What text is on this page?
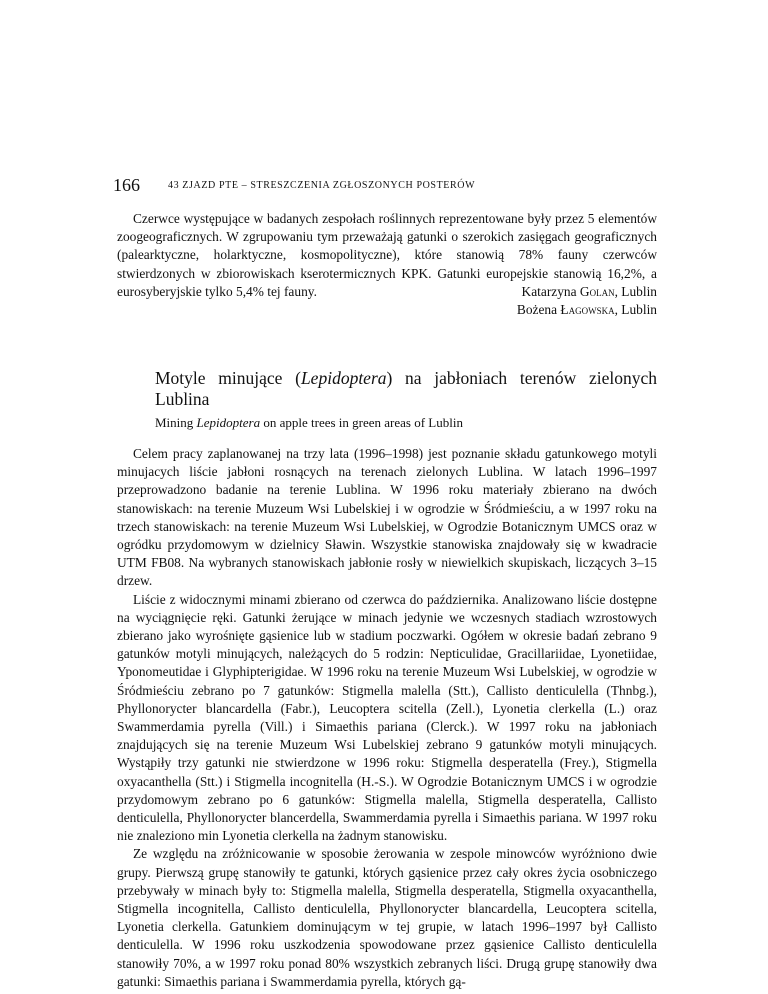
166	43 ZJAZD PTE – STRESZCZENIA ZGŁOSZONYCH POSTERÓW

Czerwce występujące w badanych zespołach roślinnych reprezentowane były przez 5 elementów zoogeograficznych. W zgrupowaniu tym przeważają gatunki o szerokich zasięgach geograficznych (palearktyczne, holarktyczne, kosmopolityczne), które stanowią 78% fauny czerwców stwierdzonych w zbiorowiskach kserotermicznych KPK. Gatunki europejskie stanowią 16,2%, a eurosyberyjskie tylko 5,4% tej fauny.	Katarzyna Golan, Lublin
Bożena Łagowska, Lublin
Motyle minujące (Lepidoptera) na jabłoniach terenów zielonych Lublina
Mining Lepidoptera on apple trees in green areas of Lublin

Celem pracy zaplanowanej na trzy lata (1996–1998) jest poznanie składu gatunkowego motyli minujacych liście jabłoni rosnących na terenach zielonych Lublina. W latach 1996–1997 przeprowadzono badanie na terenie Lublina. W 1996 roku materiały zbierano na dwóch stanowiskach: na terenie Muzeum Wsi Lubelskiej i w ogrodzie w Śródmieściu, a w 1997 roku na trzech stanowiskach: na terenie Muzeum Wsi Lubelskiej, w Ogrodzie Botanicznym UMCS oraz w ogródku przydomowym w dzielnicy Sławin. Wszystkie stanowiska znajdowały się w kwadracie UTM FB08. Na wybranych stanowiskach jabłonie rosły w niewielkich skupiskach, liczących 3–15 drzew.

Liście z widocznymi minami zbierano od czerwca do października. Analizowano liście dostępne na wyciągnięcie ręki. Gatunki żerujące w minach jedynie we wczesnych stadiach wzrostowych zbierano jako wyrośnięte gąsienice lub w stadium poczwarki. Ogółem w okresie badań zebrano 9 gatunków motyli minujących, należących do 5 rodzin: Nepticulidae, Gracillariidae, Lyonetiidae, Yponomeutidae i Glyphipterigidae. W 1996 roku na terenie Muzeum Wsi Lubelskiej, w ogrodzie w Śródmieściu zebrano po 7 gatunków: Stigmella malella (Stt.), Callisto denticulella (Thnbg.), Phyllonorycter blancardella (Fabr.), Leucoptera scitella (Zell.), Lyonetia clerkella (L.) oraz Swammerdamia pyrella (Vill.) i Simaethis pariana (Clerck.). W 1997 roku na jabłoniach znajdujących się na terenie Muzeum Wsi Lubelskiej zebrano 9 gatunków motyli minujących. Wystąpiły trzy gatunki nie stwierdzone w 1996 roku: Stigmella desperatella (Frey.), Stigmella oxyacanthella (Stt.) i Stigmella incognitella (H.-S.). W Ogrodzie Botanicznym UMCS i w ogrodzie przydomowym zebrano po 6 gatunków: Stigmella malella, Stigmella desperatella, Callisto denticulella, Phyllonorycter blancerdella, Swammerdamia pyrella i Simaethis pariana. W 1997 roku nie znaleziono min Lyonetia clerkella na żadnym stanowisku.

Ze względu na zróżnicowanie w sposobie żerowania w zespole minowców wyróżniono dwie grupy. Pierwszą grupę stanowiły te gatunki, których gąsienice przez cały okres życia osobniczego przebywały w minach były to: Stigmella malella, Stigmella desperatella, Stigmella oxyacanthella, Stigmella incognitella, Callisto denticulella, Phyllonorycter blancardella, Leucoptera scitella, Lyonetia clerkella. Gatunkiem dominującym w tej grupie, w latach 1996–1997 był Callisto denticulella. W 1996 roku uszkodzenia spowodowane przez gąsienice Callisto denticulella stanowiły 70%, a w 1997 roku ponad 80% wszystkich zebranych liści. Drugą grupę stanowiły dwa gatunki: Simaethis pariana i Swammerdamia pyrella, których gą-
